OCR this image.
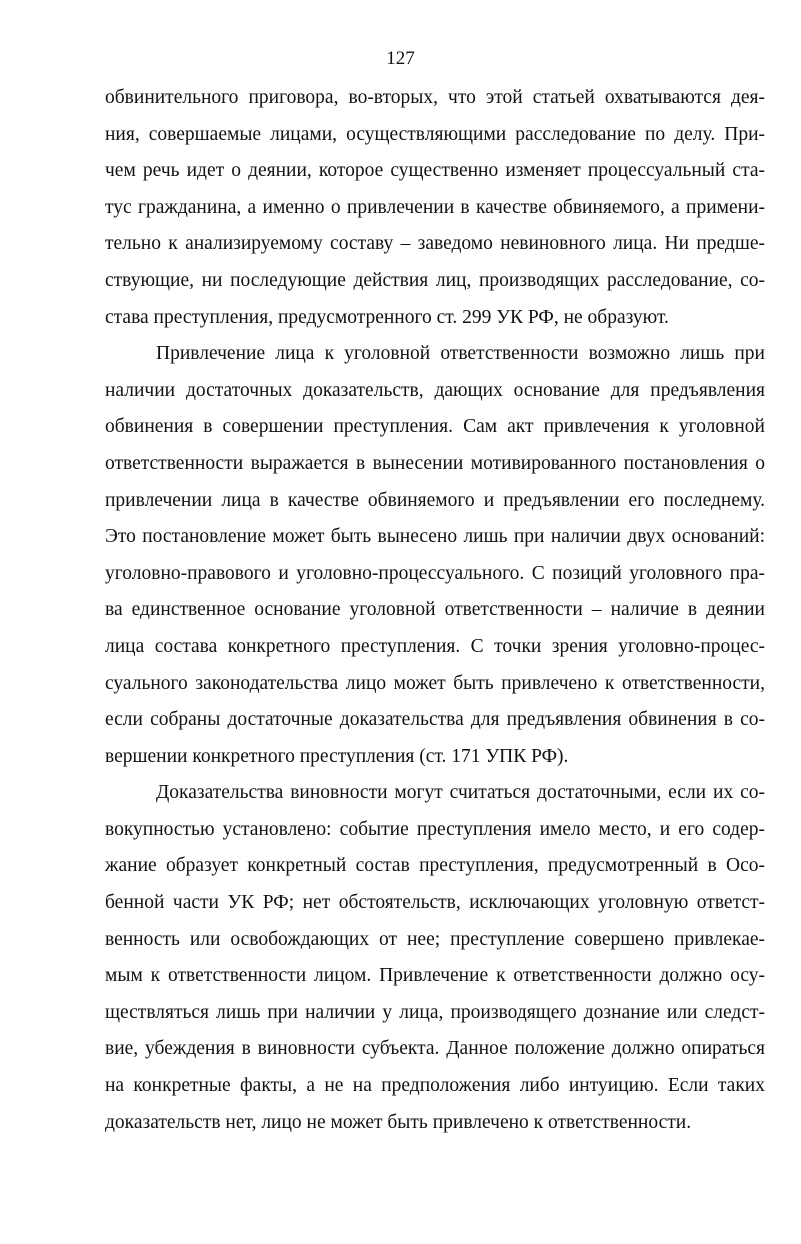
127
обвинительного приговора, во-вторых, что этой статьей охватываются дея-
ния, совершаемые лицами, осуществляющими расследование по делу. При-
чем речь идет о деянии, которое существенно изменяет процессуальный ста-
тус гражданина, а именно о привлечении в качестве обвиняемого, а примени-
тельно к анализируемому составу – заведомо невиновного лица. Ни предше-
ствующие, ни последующие действия лиц, производящих расследование, со-
става преступления, предусмотренного ст. 299 УК РФ, не образуют.
Привлечение лица к уголовной ответственности возможно лишь при
наличии достаточных доказательств, дающих основание для предъявления
обвинения в совершении преступления. Сам акт привлечения к уголовной
ответственности выражается в вынесении мотивированного постановления о
привлечении лица в качестве обвиняемого и предъявлении его последнему.
Это постановление может быть вынесено лишь при наличии двух оснований:
уголовно-правового и уголовно-процессуального. С позиций уголовного пра-
ва единственное основание уголовной ответственности – наличие в деянии
лица состава конкретного преступления. С точки зрения уголовно-процес-
суального законодательства лицо может быть привлечено к ответственности,
если собраны достаточные доказательства для предъявления обвинения в со-
вершении конкретного преступления (ст. 171 УПК РФ).
Доказательства виновности могут считаться достаточными, если их со-
вокупностью установлено: событие преступления имело место, и его содер-
жание образует конкретный состав преступления, предусмотренный в Осо-
бенной части УК РФ; нет обстоятельств, исключающих уголовную ответст-
венность или освобождающих от нее; преступление совершено привлекае-
мым к ответственности лицом. Привлечение к ответственности должно осу-
ществляться лишь при наличии у лица, производящего дознание или следст-
вие, убеждения в виновности субъекта. Данное положение должно опираться
на конкретные факты, а не на предположения либо интуицию. Если таких
доказательств нет, лицо не может быть привлечено к ответственности.
